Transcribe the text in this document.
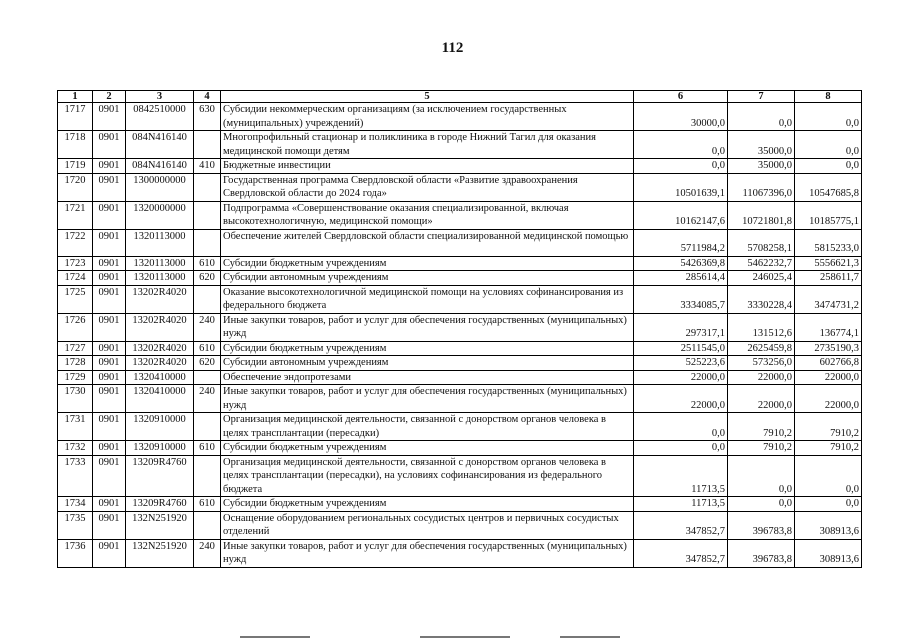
112
1	2	3	4	5	6	7	8
1717	0901	0842510000	630	Субсидии некоммерческим организациям (за исключением государственных (муниципальных) учреждений)	30000,0	0,0	0,0
1718	0901	084N416140		Многопрофильный стационар и поликлиника в городе Нижний Тагил для оказания медицинской помощи детям	0,0	35000,0	0,0
1719	0901	084N416140	410	Бюджетные инвестиции	0,0	35000,0	0,0
1720	0901	1300000000		Государственная программа Свердловской области «Развитие здравоохранения Свердловской области до 2024 года»	10501639,1	11067396,0	10547685,8
1721	0901	1320000000		Подпрограмма «Совершенствование оказания специализированной, включая высокотехнологичную, медицинской помощи»	10162147,6	10721801,8	10185775,1
1722	0901	1320113000		Обеспечение жителей Свердловской области специализированной медицинской помощью	5711984,2	5708258,1	5815233,0
1723	0901	1320113000	610	Субсидии бюджетным учреждениям	5426369,8	5462232,7	5556621,3
1724	0901	1320113000	620	Субсидии автономным учреждениям	285614,4	246025,4	258611,7
1725	0901	13202R4020		Оказание высокотехнологичной медицинской помощи на условиях софинансирования из федерального бюджета	3334085,7	3330228,4	3474731,2
1726	0901	13202R4020	240	Иные закупки товаров, работ и услуг для обеспечения государственных (муниципальных) нужд	297317,1	131512,6	136774,1
1727	0901	13202R4020	610	Субсидии бюджетным учреждениям	2511545,0	2625459,8	2735190,3
1728	0901	13202R4020	620	Субсидии автономным учреждениям	525223,6	573256,0	602766,8
1729	0901	1320410000		Обеспечение эндопротезами	22000,0	22000,0	22000,0
1730	0901	1320410000	240	Иные закупки товаров, работ и услуг для обеспечения государственных (муниципальных) нужд	22000,0	22000,0	22000,0
1731	0901	1320910000		Организация медицинской деятельности, связанной с донорством органов человека в целях трансплантации (пересадки)	0,0	7910,2	7910,2
1732	0901	1320910000	610	Субсидии бюджетным учреждениям	0,0	7910,2	7910,2
1733	0901	13209R4760		Организация медицинской деятельности, связанной с донорством органов человека в целях трансплантации (пересадки), на условиях софинансирования из федерального бюджета	11713,5	0,0	0,0
1734	0901	13209R4760	610	Субсидии бюджетным учреждениям	11713,5	0,0	0,0
1735	0901	132N251920		Оснащение оборудованием региональных сосудистых центров и первичных сосудистых отделений	347852,7	396783,8	308913,6
1736	0901	132N251920	240	Иные закупки товаров, работ и услуг для обеспечения государственных (муниципальных) нужд	347852,7	396783,8	308913,6
